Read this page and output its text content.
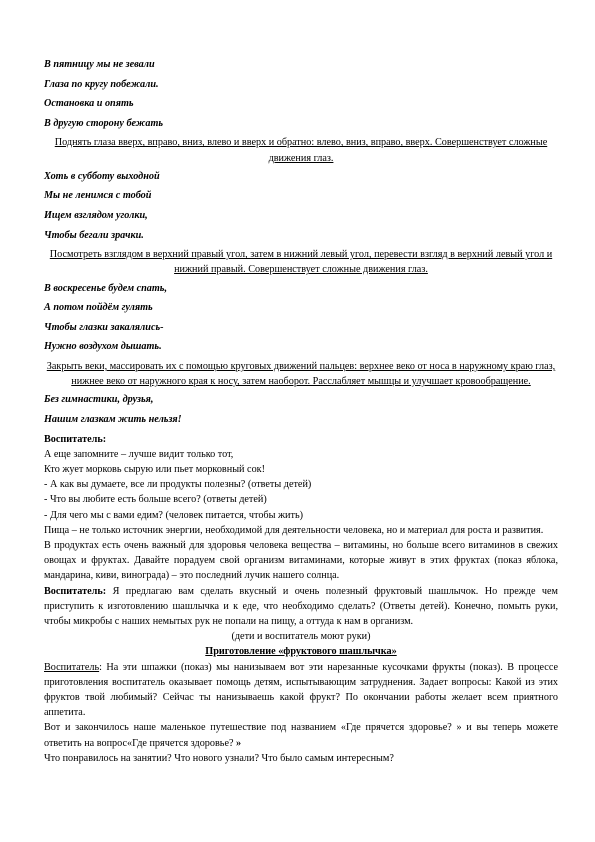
В пятницу мы не зевали
Глаза по кругу побежали.
Остановка и опять
В другую сторону бежать
Поднять глаза вверх, вправо, вниз, влево и вверх и обратно: влево, вниз, вправо, вверх. Совершенствует сложные движения глаз.
Хоть в субботу выходной
Мы не ленимся с тобой
Ищем взглядом уголки,
Чтобы бегали зрачки.
Посмотреть взглядом в верхний правый угол, затем в нижний левый угол, перевести взгляд в верхний левый угол и нижний правый. Совершенствует сложные движения глаз.
В воскресенье будем спать,
А потом пойдём гулять
Чтобы глазки закалялись-
Нужно воздухом дышать.
Закрыть веки, массировать их с помощью круговых движений пальцев: верхнее веко от носа в наружному краю глаз, нижнее веко от наружного края к носу, затем наоборот. Расслабляет мышцы и улучшает кровообращение.
Без гимнастики, друзья,
Нашим глазкам жить нельзя!

Воспитатель:

А еще запомните – лучше видит только тот,

Кто жует морковь сырую или пьет морковный сок!

- А как вы думаете, все ли продукты полезны? (ответы детей)

- Что вы любите есть больше всего? (ответы детей)

- Для чего мы с вами едим? (человек питается, чтобы жить)

Пища – не только источник энергии, необходимой для деятельности человека, но и материал для роста и развития.

В продуктах есть очень важный для здоровья человека вещества – витамины, но больше всего витаминов в свежих овощах и фруктах. Давайте порадуем свой организм витаминами, которые живут в этих фруктах (показ яблока, мандарина, киви, винограда) – это последний лучик нашего солнца.

Воспитатель: Я предлагаю вам сделать вкусный и очень полезный фруктовый шашлычок. Но прежде чем приступить к изготовлению шашлычка и к еде, что необходимо сделать? (Ответы детей). Конечно, помыть руки, чтобы микробы с наших немытых рук не попали на пищу, а оттуда к нам в организм.

(дети и воспитатель моют руки)

Приготовление «фруктового шашлычка»

Воспитатель: На эти шпажки (показ) мы нанизываем вот эти нарезанные кусочками фрукты (показ). В процессе приготовления воспитатель оказывает помощь детям, испытывающим затруднения. Задает вопросы: Какой из этих фруктов твой любимый? Сейчас ты нанизываешь какой фрукт? По окончании работы желает всем приятного аппетита.

Вот и закончилось наше маленькое путешествие под названием «Где прячется здоровье? » и вы теперь можете ответить на вопрос«Где прячется здоровье? »

Что понравилось на занятии? Что нового узнали? Что было самым интересным?
